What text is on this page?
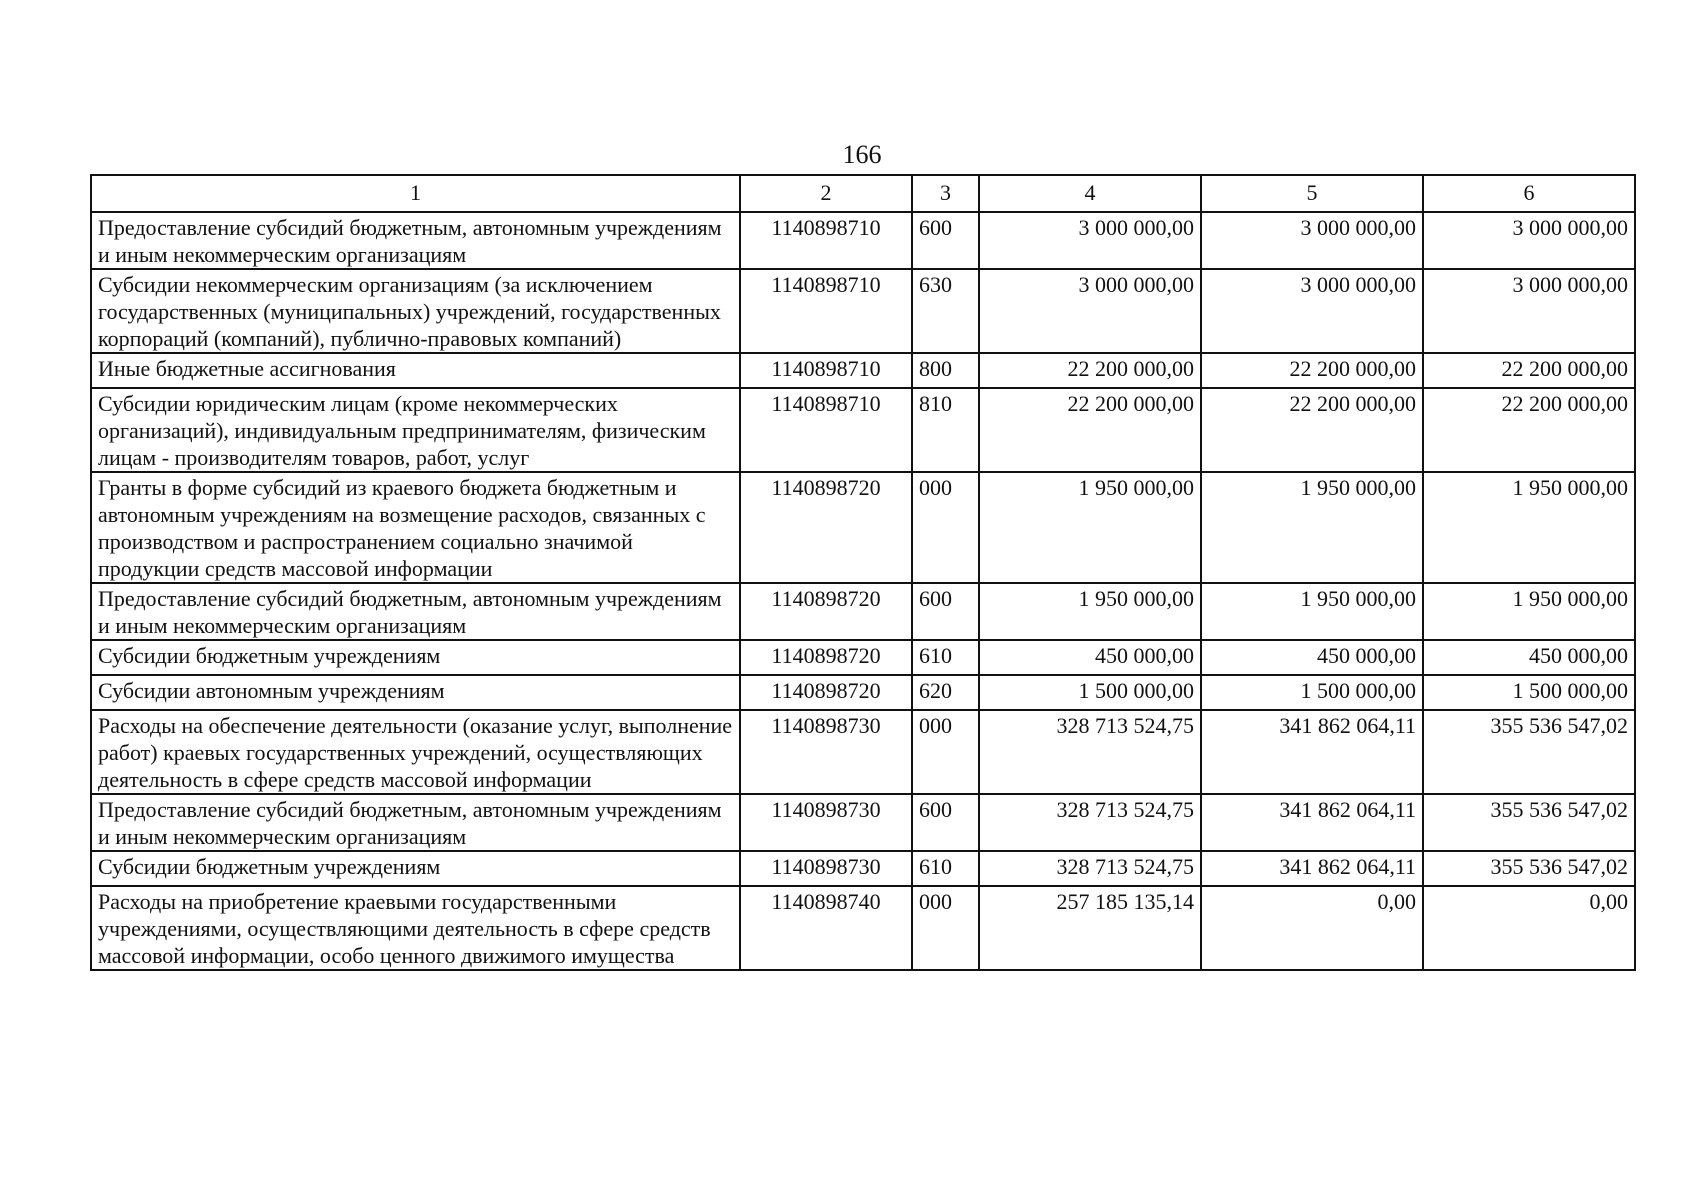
166
1	2	3	4	5	6
Предоставление субсидий бюджетным, автономным учреждениям и иным некоммерческим организациям	1140898710	600	3 000 000,00	3 000 000,00	3 000 000,00
Субсидии некоммерческим организациям (за исключением государственных (муниципальных) учреждений, государственных корпораций (компаний), публично-правовых компаний)	1140898710	630	3 000 000,00	3 000 000,00	3 000 000,00
Иные бюджетные ассигнования	1140898710	800	22 200 000,00	22 200 000,00	22 200 000,00
Субсидии юридическим лицам (кроме некоммерческих организаций), индивидуальным предпринимателям, физическим лицам - производителям товаров, работ, услуг	1140898710	810	22 200 000,00	22 200 000,00	22 200 000,00
Гранты в форме субсидий из краевого бюджета бюджетным и автономным учреждениям на возмещение расходов, связанных с производством и распространением социально значимой продукции средств массовой информации	1140898720	000	1 950 000,00	1 950 000,00	1 950 000,00
Предоставление субсидий бюджетным, автономным учреждениям и иным некоммерческим организациям	1140898720	600	1 950 000,00	1 950 000,00	1 950 000,00
Субсидии бюджетным учреждениям	1140898720	610	450 000,00	450 000,00	450 000,00
Субсидии автономным учреждениям	1140898720	620	1 500 000,00	1 500 000,00	1 500 000,00
Расходы на обеспечение деятельности (оказание услуг, выполнение работ) краевых государственных учреждений, осуществляющих деятельность в сфере средств массовой информации	1140898730	000	328 713 524,75	341 862 064,11	355 536 547,02
Предоставление субсидий бюджетным, автономным учреждениям и иным некоммерческим организациям	1140898730	600	328 713 524,75	341 862 064,11	355 536 547,02
Субсидии бюджетным учреждениям	1140898730	610	328 713 524,75	341 862 064,11	355 536 547,02
Расходы на приобретение краевыми государственными учреждениями, осуществляющими деятельность в сфере средств массовой информации, особо ценного движимого имущества	1140898740	000	257 185 135,14	0,00	0,00
